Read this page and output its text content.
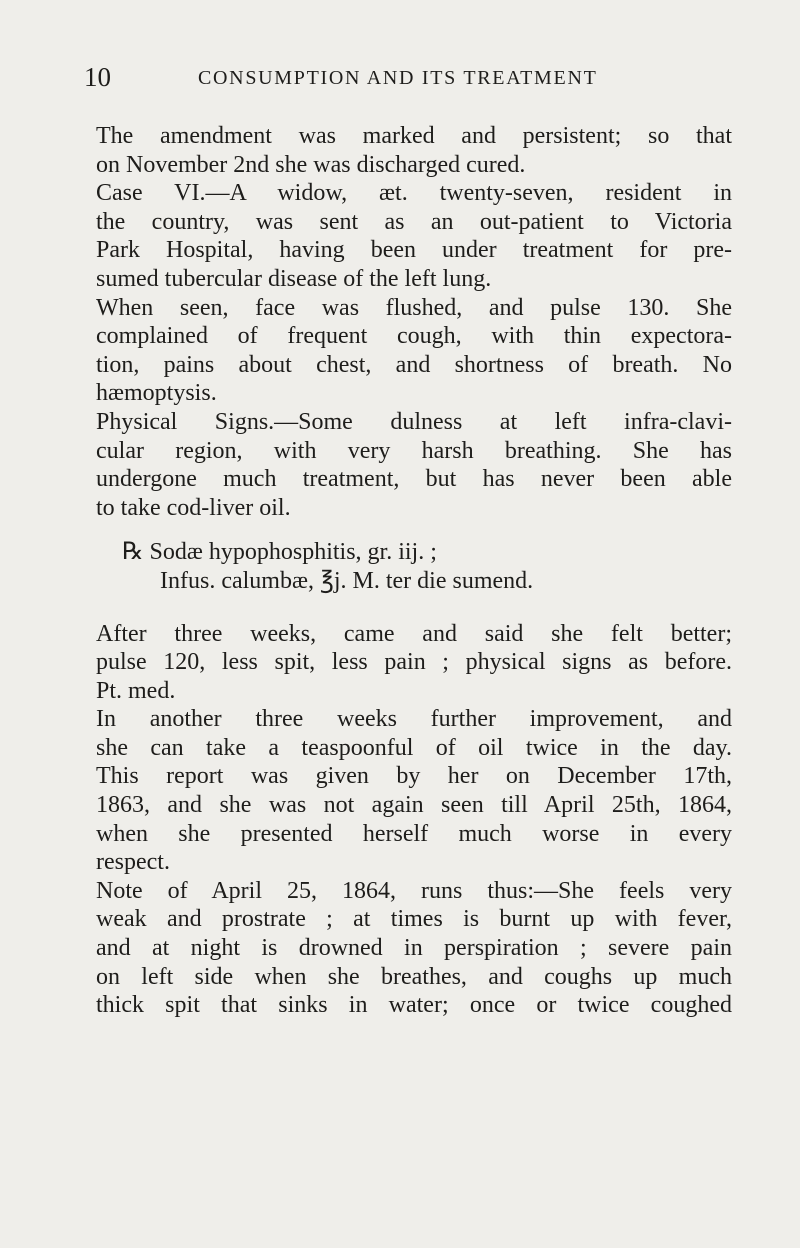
10	CONSUMPTION AND ITS TREATMENT
The amendment was marked and persistent; so that
on November 2nd she was discharged cured.
Case VI.—A widow, æt. twenty-seven, resident in
the country, was sent as an out-patient to Victoria
Park Hospital, having been under treatment for pre-
sumed tubercular disease of the left lung.
When seen, face was flushed, and pulse 130. She
complained of frequent cough, with thin expectora-
tion, pains about chest, and shortness of breath. No
hæmoptysis.
Physical Signs.—Some dulness at left infra-clavi-
cular region, with very harsh breathing. She has
undergone much treatment, but has never been able
to take cod-liver oil.
℞ Sodæ hypophosphitis, gr. iij. ;
Infus. calumbæ, ℥j. M. ter die sumend.
After three weeks, came and said she felt better;
pulse 120, less spit, less pain ; physical signs as before.
Pt. med.
In another three weeks further improvement, and
she can take a teaspoonful of oil twice in the day.
This report was given by her on December 17th,
1863, and she was not again seen till April 25th, 1864,
when she presented herself much worse in every
respect.
Note of April 25, 1864, runs thus:—She feels very
weak and prostrate ; at times is burnt up with fever,
and at night is drowned in perspiration ; severe pain
on left side when she breathes, and coughs up much
thick spit that sinks in water; once or twice coughed
